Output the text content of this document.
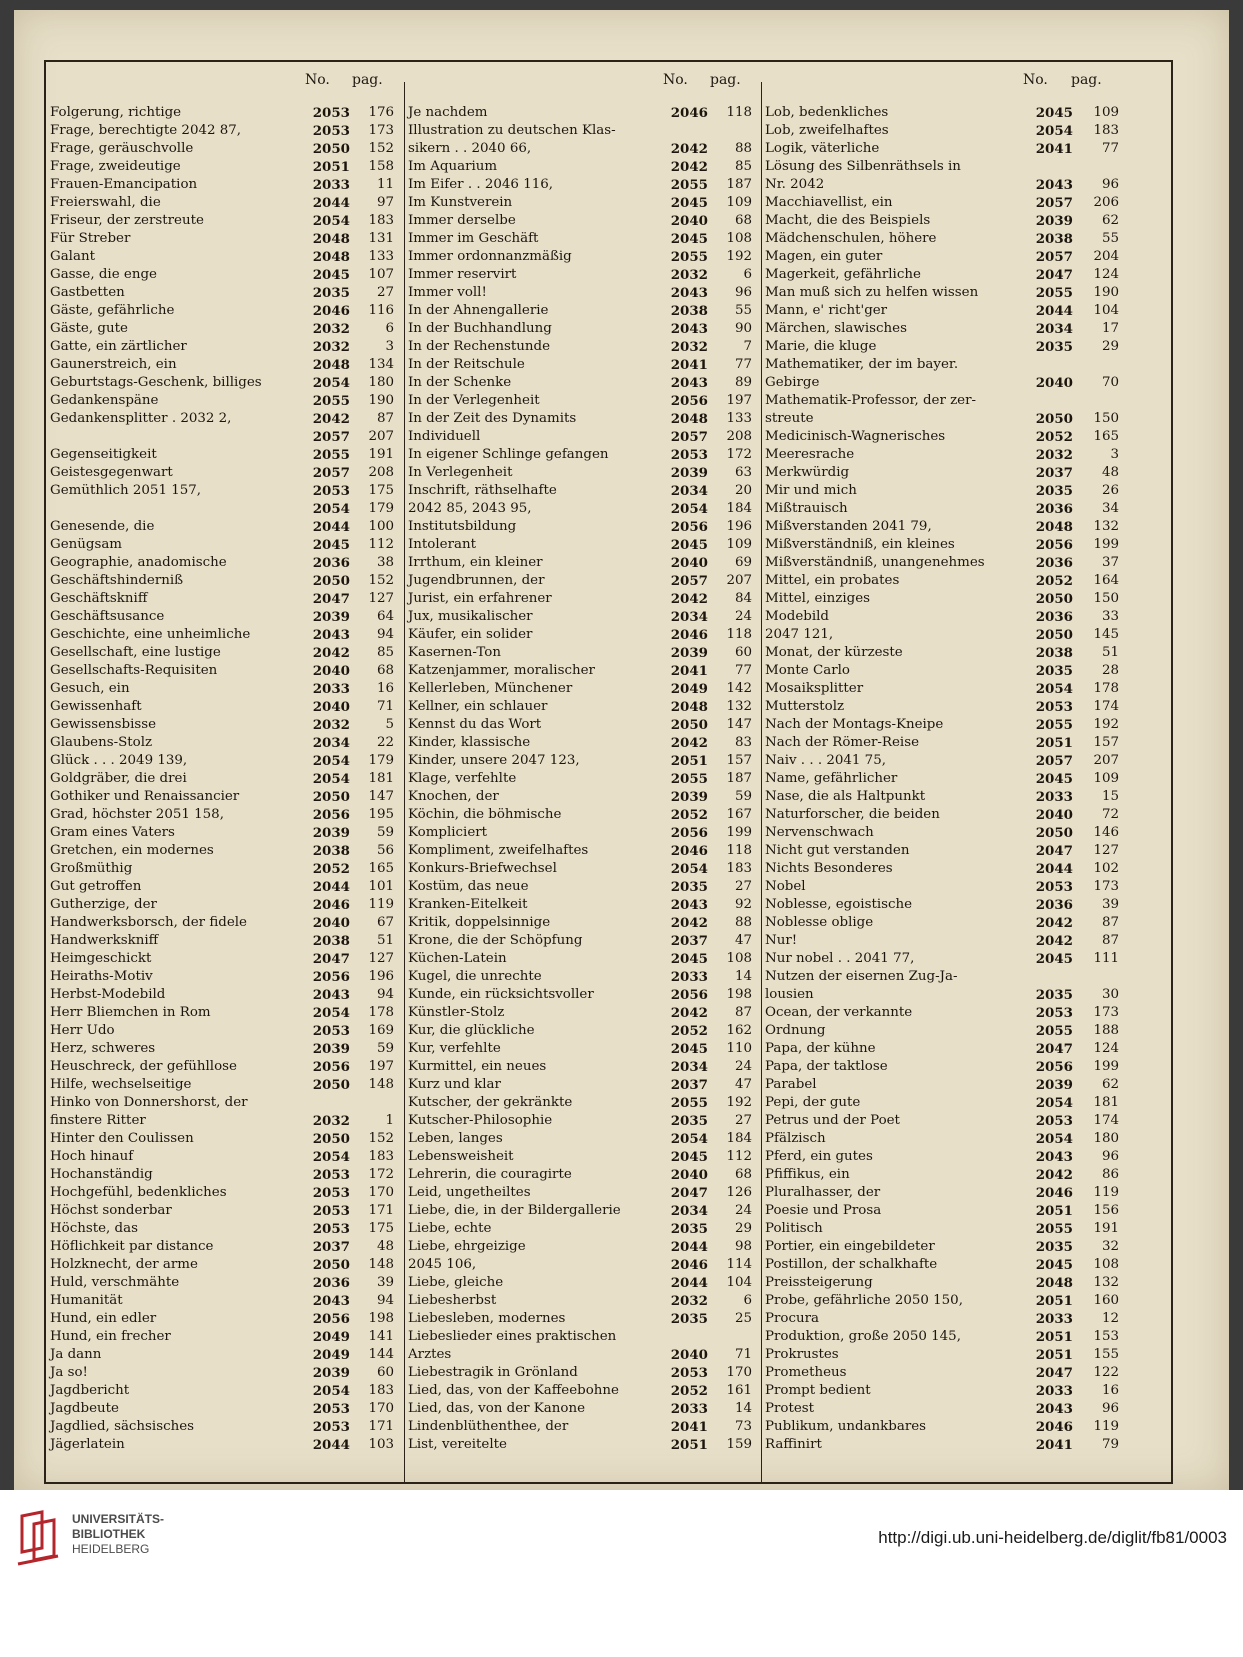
No. pag.
Folgerung, richtige	2053	176
Frage, berechtigte 2042 87,	2053	173
Frage, geräuschvolle	2050	152
Frage, zweideutige	2051	158
Frauen-Emancipation	2033	11
Freierswahl, die	2044	97
Friseur, der zerstreute	2054	183
Für Streber	2048	131
Galant	2048	133
Gasse, die enge	2045	107
Gastbetten	2035	27
Gäste, gefährliche	2046	116
Gäste, gute	2032	6
Gatte, ein zärtlicher	2032	3
Gaunerstreich, ein	2048	134
Geburtstags-Geschenk, billiges	2054	180
Gedankenspäne	2055	190
Gedankensplitter . 2032 2,	2042	87
2057	207
Gegenseitigkeit	2055	191
Geistesgegenwart	2057	208
Gemüthlich 2051 157,	2053	175
2054	179
Genesende, die	2044	100
Genügsam	2045	112
Geographie, anadomische	2036	38
Geschäftshinderniß	2050	152
Geschäftskniff	2047	127
Geschäftsusance	2039	64
Geschichte, eine unheimliche	2043	94
Gesellschaft, eine lustige	2042	85
Gesellschafts-Requisiten	2040	68
Gesuch, ein	2033	16
Gewissenhaft	2040	71
Gewissensbisse	2032	5
Glaubens-Stolz	2034	22
Glück . . . 2049 139,	2054	179
Goldgräber, die drei	2054	181
Gothiker und Renaissancier	2050	147
Grad, höchster 2051 158,	2056	195
Gram eines Vaters	2039	59
Gretchen, ein modernes	2038	56
Großmüthig	2052	165
Gut getroffen	2044	101
Gutherzige, der	2046	119
Handwerksborsch, der fidele	2040	67
Handwerkskniff	2038	51
Heimgeschickt	2047	127
Heiraths-Motiv	2056	196
Herbst-Modebild	2043	94
Herr Bliemchen in Rom	2054	178
Herr Udo	2053	169
Herz, schweres	2039	59
Heuschreck, der gefühllose	2056	197
Hilfe, wechselseitige	2050	148
Hinko von Donnershorst, der
finstere Ritter	2032	1
Hinter den Coulissen	2050	152
Hoch hinauf	2054	183
Hochanständig	2053	172
Hochgefühl, bedenkliches	2053	170
Höchst sonderbar	2053	171
Höchste, das	2053	175
Höflichkeit par distance	2037	48
Holzknecht, der arme	2050	148
Huld, verschmähte	2036	39
Humanität	2043	94
Hund, ein edler	2056	198
Hund, ein frecher	2049	141
Ja dann	2049	144
Ja so!	2039	60
Jagdbericht	2054	183
Jagdbeute	2053	170
Jagdlied, sächsisches	2053	171
Jägerlatein	2044	103
No. pag.
Je nachdem	2046	118
Illustration zu deutschen Klas-
sikern . . 2040 66,	2042	88
Im Aquarium	2042	85
Im Eifer . . 2046 116,	2055	187
Im Kunstverein	2045	109
Immer derselbe	2040	68
Immer im Geschäft	2045	108
Immer ordonnanzmäßig	2055	192
Immer reservirt	2032	6
Immer voll!	2043	96
In der Ahnengallerie	2038	55
In der Buchhandlung	2043	90
In der Rechenstunde	2032	7
In der Reitschule	2041	77
In der Schenke	2043	89
In der Verlegenheit	2056	197
In der Zeit des Dynamits	2048	133
Individuell	2057	208
In eigener Schlinge gefangen	2053	172
In Verlegenheit	2039	63
Inschrift, räthselhafte	2034	20
2042 85, 2043 95,	2054	184
Institutsbildung	2056	196
Intolerant	2045	109
Irrthum, ein kleiner	2040	69
Jugendbrunnen, der	2057	207
Jurist, ein erfahrener	2042	84
Jux, musikalischer	2034	24
Käufer, ein solider	2046	118
Kasernen-Ton	2039	60
Katzenjammer, moralischer	2041	77
Kellerleben, Münchener	2049	142
Kellner, ein schlauer	2048	132
Kennst du das Wort	2050	147
Kinder, klassische	2042	83
Kinder, unsere 2047 123,	2051	157
Klage, verfehlte	2055	187
Knochen, der	2039	59
Köchin, die böhmische	2052	167
Kompliciert	2056	199
Kompliment, zweifelhaftes	2046	118
Konkurs-Briefwechsel	2054	183
Kostüm, das neue	2035	27
Kranken-Eitelkeit	2043	92
Kritik, doppelsinnige	2042	88
Krone, die der Schöpfung	2037	47
Küchen-Latein	2045	108
Kugel, die unrechte	2033	14
Kunde, ein rücksichtsvoller	2056	198
Künstler-Stolz	2042	87
Kur, die glückliche	2052	162
Kur, verfehlte	2045	110
Kurmittel, ein neues	2034	24
Kurz und klar	2037	47
Kutscher, der gekränkte	2055	192
Kutscher-Philosophie	2035	27
Leben, langes	2054	184
Lebensweisheit	2045	112
Lehrerin, die couragirte	2040	68
Leid, ungetheiltes	2047	126
Liebe, die, in der Bildergallerie	2034	24
Liebe, echte	2035	29
Liebe, ehrgeizige	2044	98
2045 106,	2046	114
Liebe, gleiche	2044	104
Liebesherbst	2032	6
Liebesleben, modernes	2035	25
Liebeslieder eines praktischen
Arztes	2040	71
Liebestragik in Grönland	2053	170
Lied, das, von der Kaffeebohne	2052	161
Lied, das, von der Kanone	2033	14
Lindenblüthenthee, der	2041	73
List, vereitelte	2051	159
No. pag.
Lob, bedenkliches	2045	109
Lob, zweifelhaftes	2054	183
Logik, väterliche	2041	77
Lösung des Silbenräthsels in
Nr. 2042	2043	96
Macchiavellist, ein	2057	206
Macht, die des Beispiels	2039	62
Mädchenschulen, höhere	2038	55
Magen, ein guter	2057	204
Magerkeit, gefährliche	2047	124
Man muß sich zu helfen wissen	2055	190
Mann, e' richt'ger	2044	104
Märchen, slawisches	2034	17
Marie, die kluge	2035	29
Mathematiker, der im bayer.
Gebirge	2040	70
Mathematik-Professor, der zer-
streute	2050	150
Medicinisch-Wagnerisches	2052	165
Meeresrache	2032	3
Merkwürdig	2037	48
Mir und mich	2035	26
Mißtrauisch	2036	34
Mißverstanden 2041 79,	2048	132
Mißverständniß, ein kleines	2056	199
Mißverständniß, unangenehmes	2036	37
Mittel, ein probates	2052	164
Mittel, einziges	2050	150
Modebild	2036	33
2047 121,	2050	145
Monat, der kürzeste	2038	51
Monte Carlo	2035	28
Mosaiksplitter	2054	178
Mutterstolz	2053	174
Nach der Montags-Kneipe	2055	192
Nach der Römer-Reise	2051	157
Naiv . . . 2041 75,	2057	207
Name, gefährlicher	2045	109
Nase, die als Haltpunkt	2033	15
Naturforscher, die beiden	2040	72
Nervenschwach	2050	146
Nicht gut verstanden	2047	127
Nichts Besonderes	2044	102
Nobel	2053	173
Noblesse, egoistische	2036	39
Noblesse oblige	2042	87
Nur!	2042	87
Nur nobel . . 2041 77,	2045	111
Nutzen der eisernen Zug-Ja-
lousien	2035	30
Ocean, der verkannte	2053	173
Ordnung	2055	188
Papa, der kühne	2047	124
Papa, der taktlose	2056	199
Parabel	2039	62
Pepi, der gute	2054	181
Petrus und der Poet	2053	174
Pfälzisch	2054	180
Pferd, ein gutes	2043	96
Pfiffikus, ein	2042	86
Pluralhasser, der	2046	119
Poesie und Prosa	2051	156
Politisch	2055	191
Portier, ein eingebildeter	2035	32
Postillon, der schalkhafte	2045	108
Preissteigerung	2048	132
Probe, gefährliche 2050 150,	2051	160
Procura	2033	12
Produktion, große 2050 145,	2051	153
Prokrustes	2051	155
Prometheus	2047	122
Prompt bedient	2033	16
Protest	2043	96
Publikum, undankbares	2046	119
Raffinirt	2041	79
UNIVERSITÄTS-
BIBLIOTHEK
HEIDELBERG
http://digi.ub.uni-heidelberg.de/diglit/fb81/0003
